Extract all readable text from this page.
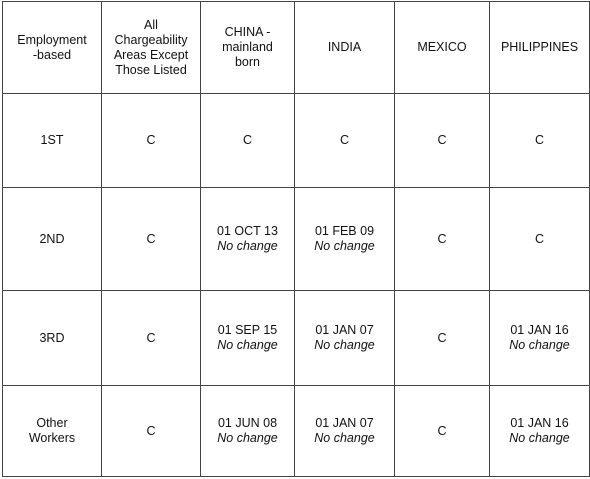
Employment
-based	All
Chargeability
Areas Except
Those Listed	CHINA -
mainland
born	INDIA	MEXICO	PHILIPPINES

1ST	C	C	C	C	C

2ND	C	01 OCT 13
No change	01 FEB 09
No change	C	C

3RD	C	01 SEP 15
No change	01 JAN 07
No change	C	01 JAN 16
No change

Other
Workers	C	01 JUN 08
No change	01 JAN 07
No change	C	01 JAN 16
No change
